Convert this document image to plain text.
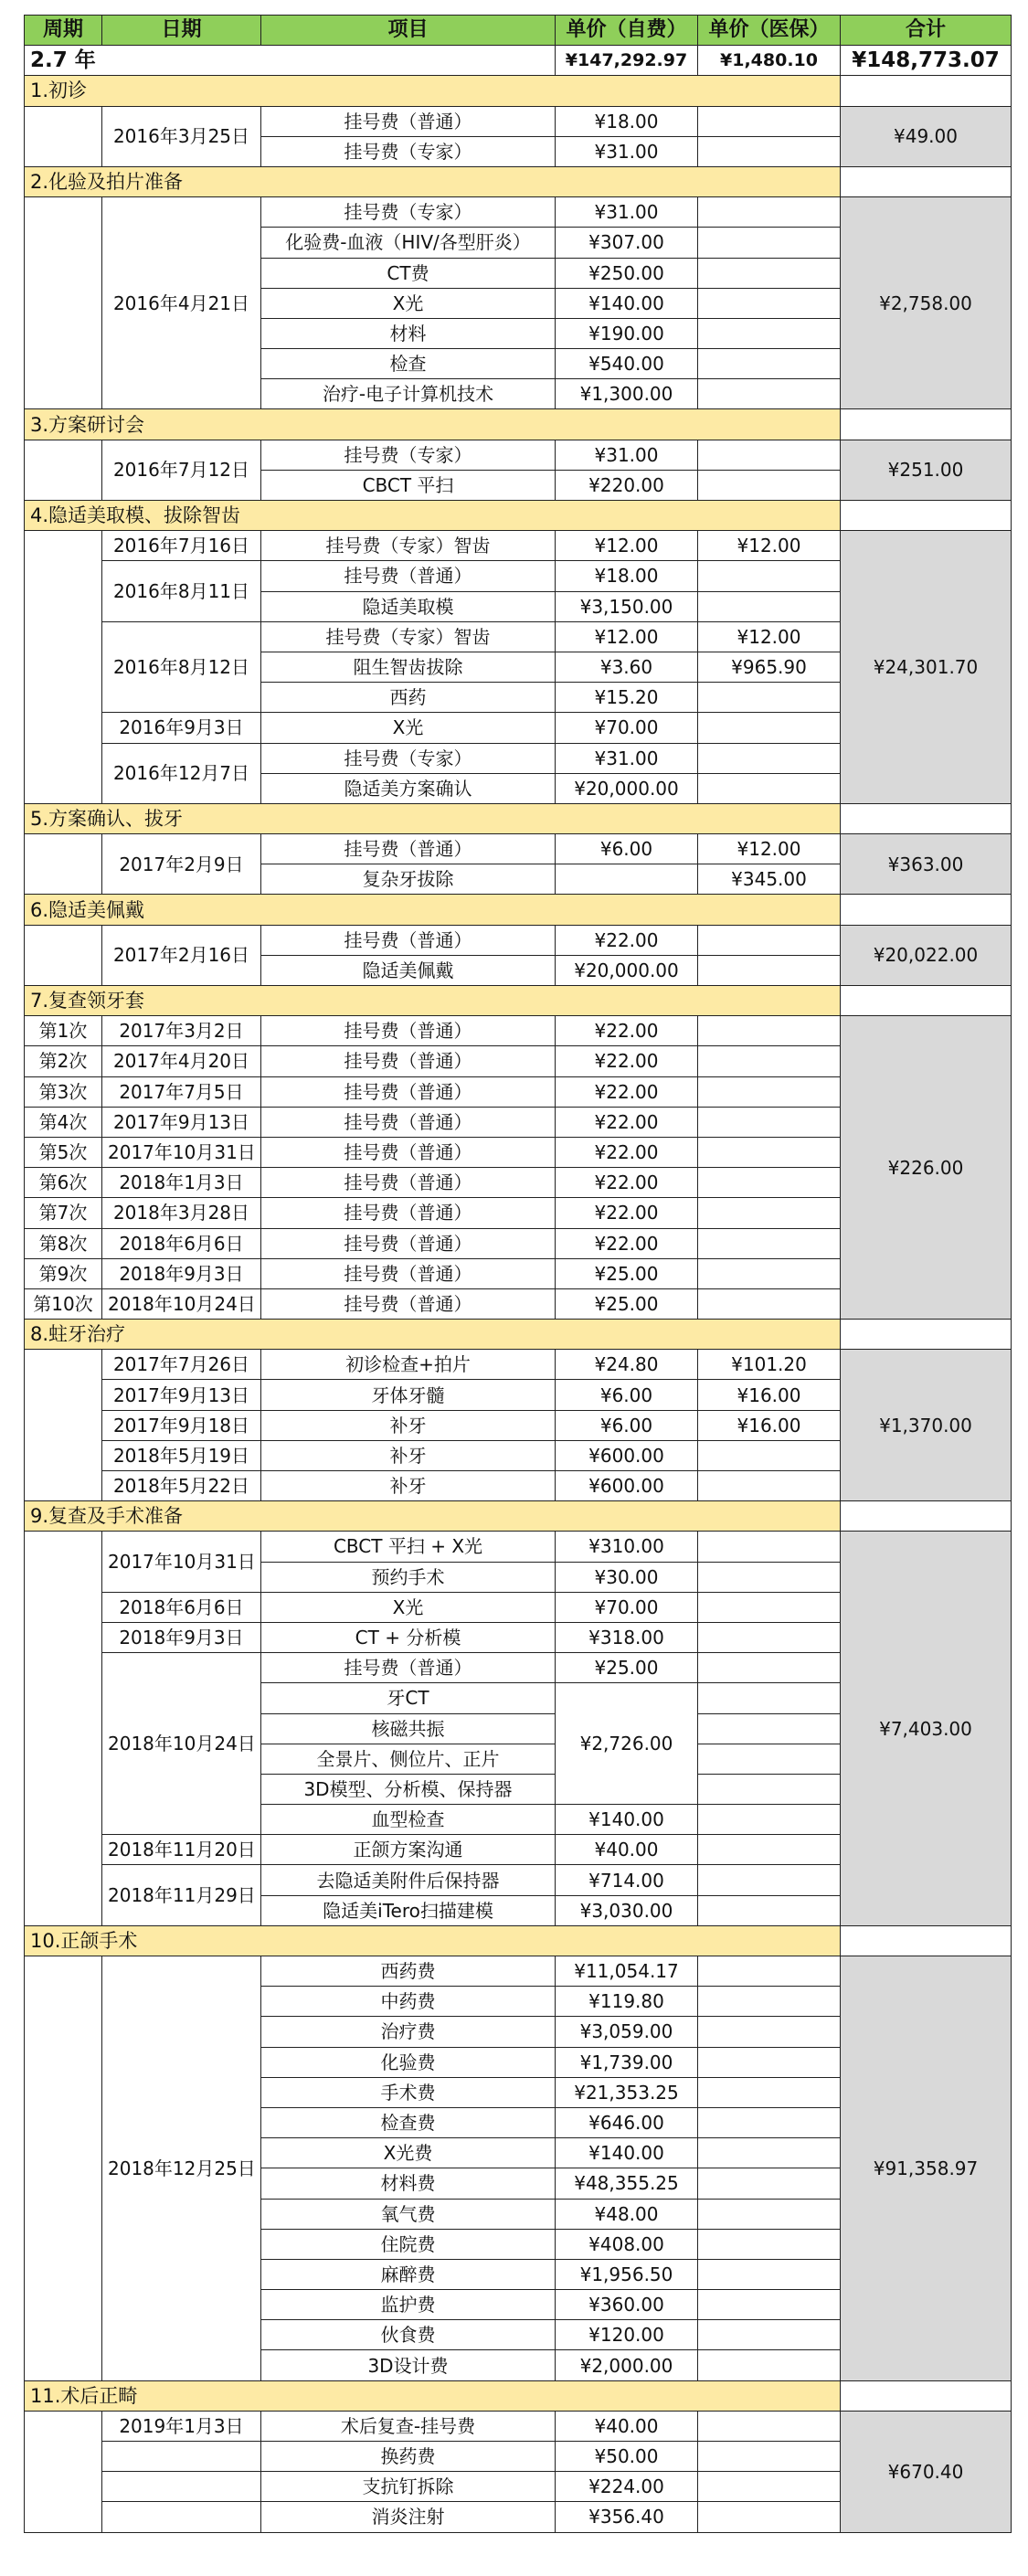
周期	日期	项目	单价（自费）	单价（医保）	合计
2.7 年			¥147,292.97	¥1,480.10	¥148,773.07
1.初诊					
	2016年3月25日	挂号费（普通）	¥18.00		¥49.00
		挂号费（专家）	¥31.00		
2.化验及拍片准备					
	2016年4月21日	挂号费（专家）	¥31.00		¥2,758.00
		化验费-血液（HIV/各型肝炎）	¥307.00		
		CT费	¥250.00		
		X光	¥140.00		
		材料	¥190.00		
		检查	¥540.00		
		治疗-电子计算机技术	¥1,300.00		
3.方案研讨会					
	2016年7月12日	挂号费（专家）	¥31.00		¥251.00
		CBCT 平扫	¥220.00		
4.隐适美取模、拔除智齿					
	2016年7月16日	挂号费（专家）智齿	¥12.00	¥12.00	¥24,301.70
	2016年8月11日	挂号费（普通）	¥18.00		
		隐适美取模	¥3,150.00		
	2016年8月12日	挂号费（专家）智齿	¥12.00	¥12.00	
		阻生智齿拔除	¥3.60	¥965.90	
		西药	¥15.20		
	2016年9月3日	X光	¥70.00		
	2016年12月7日	挂号费（专家）	¥31.00		
		隐适美方案确认	¥20,000.00		
5.方案确认、拔牙					
	2017年2月9日	挂号费（普通）	¥6.00	¥12.00	¥363.00
		复杂牙拔除		¥345.00	
6.隐适美佩戴					
	2017年2月16日	挂号费（普通）	¥22.00		¥20,022.00
		隐适美佩戴	¥20,000.00		
7.复查领牙套					
第1次	2017年3月2日	挂号费（普通）	¥22.00		¥226.00
第2次	2017年4月20日	挂号费（普通）	¥22.00		
第3次	2017年7月5日	挂号费（普通）	¥22.00		
第4次	2017年9月13日	挂号费（普通）	¥22.00		
第5次	2017年10月31日	挂号费（普通）	¥22.00		
第6次	2018年1月3日	挂号费（普通）	¥22.00		
第7次	2018年3月28日	挂号费（普通）	¥22.00		
第8次	2018年6月6日	挂号费（普通）	¥22.00		
第9次	2018年9月3日	挂号费（普通）	¥25.00		
第10次	2018年10月24日	挂号费（普通）	¥25.00		
8.蛀牙治疗					
	2017年7月26日	初诊检查+拍片	¥24.80	¥101.20	¥1,370.00
	2017年9月13日	牙体牙髓	¥6.00	¥16.00	
	2017年9月18日	补牙	¥6.00	¥16.00	
	2018年5月19日	补牙	¥600.00		
	2018年5月22日	补牙	¥600.00		
9.复查及手术准备					
	2017年10月31日	CBCT 平扫 + X光	¥310.00		¥7,403.00
		预约手术	¥30.00		
	2018年6月6日	X光	¥70.00		
	2018年9月3日	CT + 分析模	¥318.00		
	2018年10月24日	挂号费（普通）	¥25.00		
		牙CT	¥2,726.00		
		核磁共振			
		全景片、侧位片、正片			
		3D模型、分析模、保持器			
		血型检查	¥140.00		
	2018年11月20日	正颌方案沟通	¥40.00		
	2018年11月29日	去隐适美附件后保持器	¥714.00		
		隐适美iTero扫描建模	¥3,030.00		
10.正颌手术					
	2018年12月25日	西药费	¥11,054.17		¥91,358.97
		中药费	¥119.80		
		治疗费	¥3,059.00		
		化验费	¥1,739.00		
		手术费	¥21,353.25		
		检查费	¥646.00		
		X光费	¥140.00		
		材料费	¥48,355.25		
		氧气费	¥48.00		
		住院费	¥408.00		
		麻醉费	¥1,956.50		
		监护费	¥360.00		
		伙食费	¥120.00		
		3D设计费	¥2,000.00		
11.术后正畸					
	2019年1月3日	术后复查-挂号费	¥40.00		¥670.40
		换药费	¥50.00		
		支抗钉拆除	¥224.00		
		消炎注射	¥356.40		
